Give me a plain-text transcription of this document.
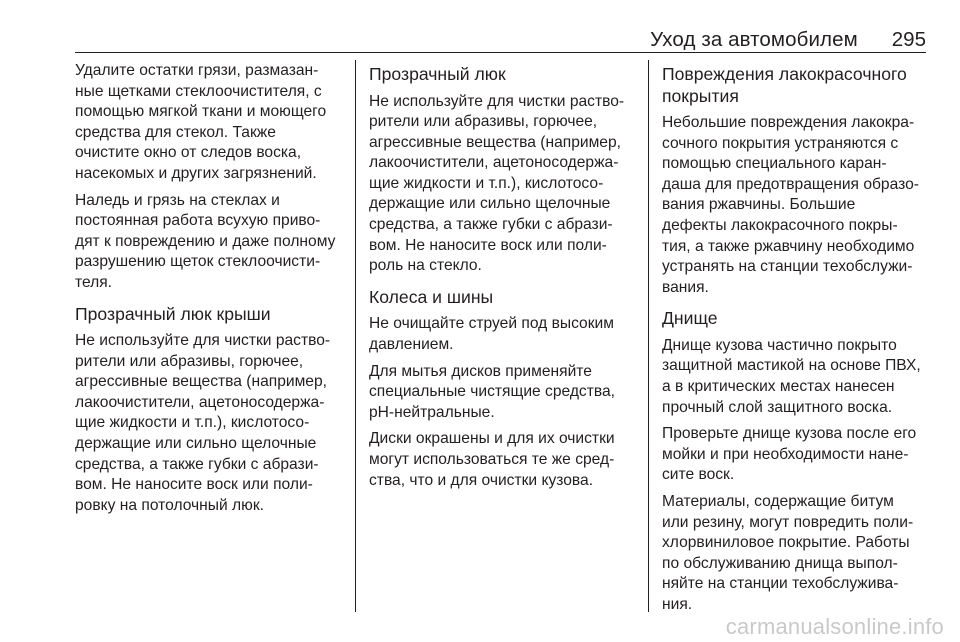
Уход за автомобилем 295

Удалите остатки грязи, размазан-
ные щетками стеклоочистителя, с
помощью мягкой ткани и моющего
средства для стекол. Также
очистите окно от следов воска,
насекомых и других загрязнений.

Наледь и грязь на стеклах и
постоянная работа всухую приво-
дят к повреждению и даже полному
разрушению щеток стеклоочисти-
теля.

Прозрачный люк крыши

Не используйте для чистки раство-
рители или абразивы, горючее,
агрессивные вещества (например,
лакоочистители, ацетоносодержа-
щие жидкости и т.п.), кислотосо-
держащие или сильно щелочные
средства, а также губки с абрази-
вом. Не наносите воск или поли-
ровку на потолочный люк.

Прозрачный люк

Не используйте для чистки раство-
рители или абразивы, горючее,
агрессивные вещества (например,
лакоочистители, ацетоносодержа-
щие жидкости и т.п.), кислотосо-
держащие или сильно щелочные
средства, а также губки с абрази-
вом. Не наносите воск или поли-
роль на стекло.

Колеса и шины

Не очищайте струей под высоким
давлением.

Для мытья дисков применяйте
специальные чистящие средства,
pH-нейтральные.

Диски окрашены и для их очистки
могут использоваться те же сред-
ства, что и для очистки кузова.

Повреждения лакокрасочного
покрытия

Небольшие повреждения лакокра-
сочного покрытия устраняются с
помощью специального каран-
даша для предотвращения образо-
вания ржавчины. Большие
дефекты лакокрасочного покры-
тия, а также ржавчину необходимо
устранять на станции техобслужи-
вания.

Днище

Днище кузова частично покрыто
защитной мастикой на основе ПВХ,
а в критических местах нанесен
прочный слой защитного воска.

Проверьте днище кузова после его
мойки и при необходимости нане-
сите воск.

Материалы, содержащие битум
или резину, могут повредить поли-
хлорвиниловое покрытие. Работы
по обслуживанию днища выпол-
няйте на станции техобслужива-
ния.

carmanualsonline.info
